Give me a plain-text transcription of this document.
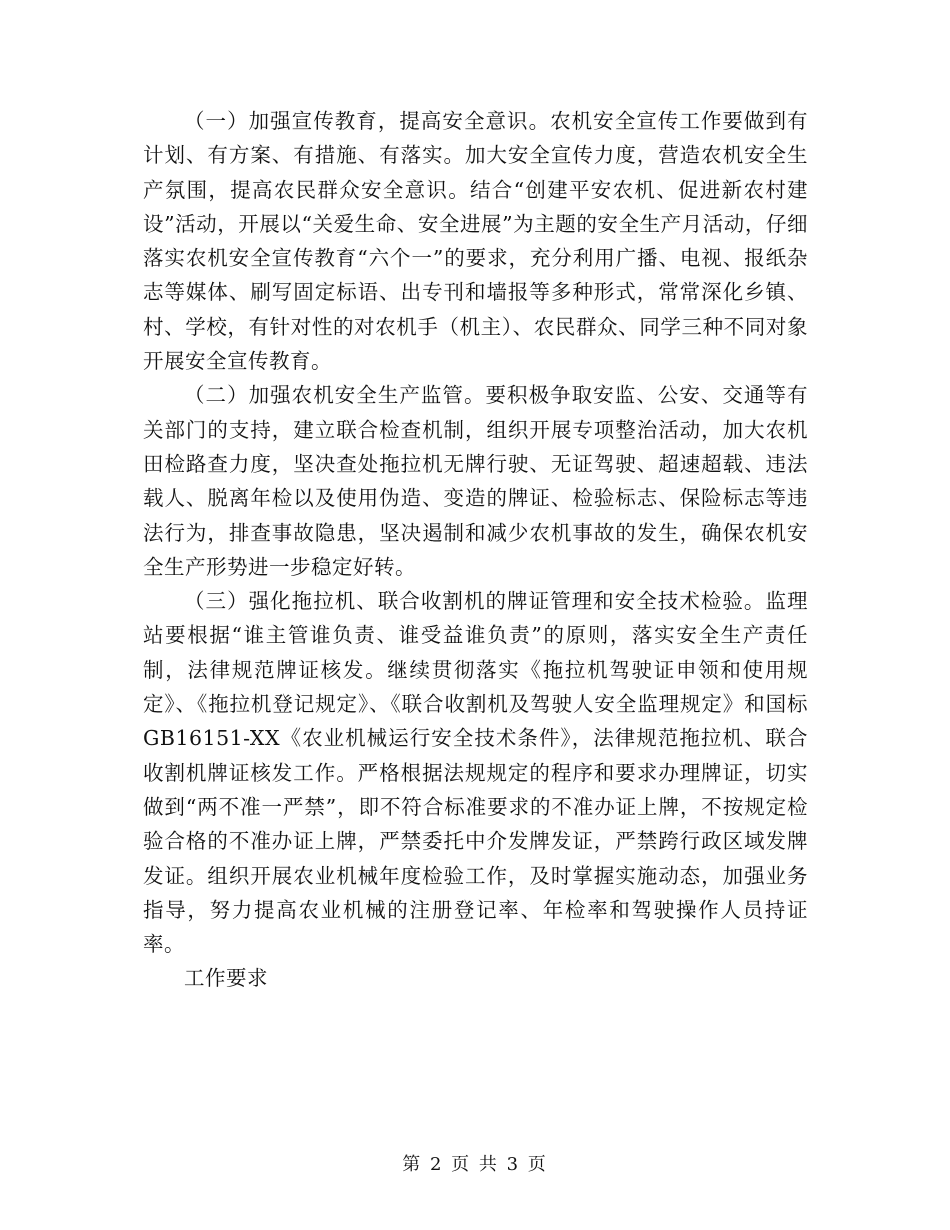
（一）加强宣传教育，提高安全意识。农机安全宣传工作要做到有计划、有方案、有措施、有落实。加大安全宣传力度，营造农机安全生产氛围，提高农民群众安全意识。结合“创建平安农机、促进新农村建设”活动，开展以“关爱生命、安全进展”为主题的安全生产月活动，仔细落实农机安全宣传教育“六个一”的要求，充分利用广播、电视、报纸杂志等媒体、刷写固定标语、出专刊和墙报等多种形式，常常深化乡镇、村、学校，有针对性的对农机手（机主）、农民群众、同学三种不同对象开展安全宣传教育。

（二）加强农机安全生产监管。要积极争取安监、公安、交通等有关部门的支持，建立联合检查机制，组织开展专项整治活动，加大农机田检路查力度，坚决查处拖拉机无牌行驶、无证驾驶、超速超载、违法载人、脱离年检以及使用伪造、变造的牌证、检验标志、保险标志等违法行为，排查事故隐患，坚决遏制和减少农机事故的发生，确保农机安全生产形势进一步稳定好转。

（三）强化拖拉机、联合收割机的牌证管理和安全技术检验。监理站要根据“谁主管谁负责、谁受益谁负责”的原则，落实安全生产责任制，法律规范牌证核发。继续贯彻落实《拖拉机驾驶证申领和使用规定》、《拖拉机登记规定》、《联合收割机及驾驶人安全监理规定》和国标GB16151-XX《农业机械运行安全技术条件》，法律规范拖拉机、联合收割机牌证核发工作。严格根据法规规定的程序和要求办理牌证，切实做到“两不准一严禁”，即不符合标准要求的不准办证上牌，不按规定检验合格的不准办证上牌，严禁委托中介发牌发证，严禁跨行政区域发牌发证。组织开展农业机械年度检验工作，及时掌握实施动态，加强业务指导，努力提高农业机械的注册登记率、年检率和驾驶操作人员持证率。

工作要求

第 2 页 共 3 页
